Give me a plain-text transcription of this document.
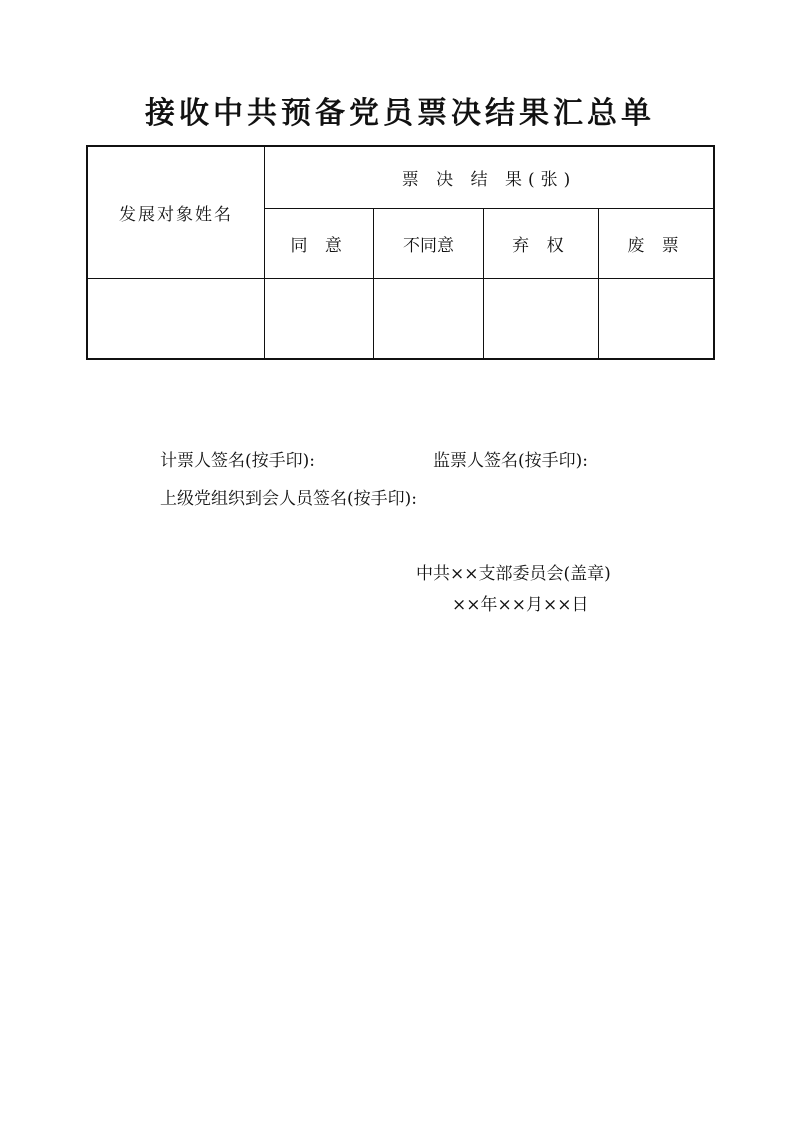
接收中共预备党员票决结果汇总单
发展对象姓名	票 决 结 果(张)			
	同 意	不同意	弃 权	废 票

计票人签名(按手印):	监票人签名(按手印):
上级党组织到会人员签名(按手印):
中共××支部委员会(盖章)
××年××月××日
